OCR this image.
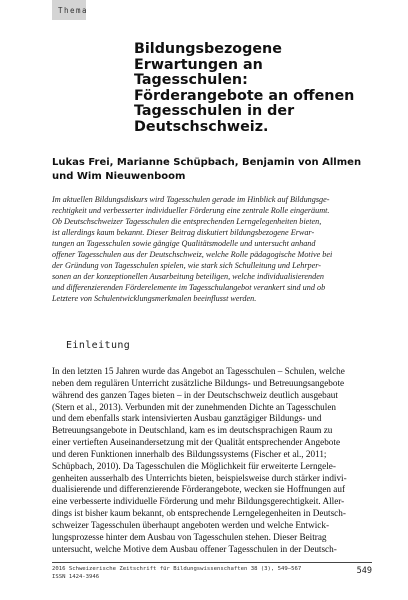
Thema
Bildungsbezogene
Erwartungen an
Tagesschulen:
Förderangebote an offenen
Tagesschulen in der
Deutschschweiz.
Lukas Frei, Marianne Schüpbach, Benjamin von Allmen
und Wim Nieuwenboom
Im aktuellen Bildungsdiskurs wird Tagesschulen gerade im Hinblick auf Bildungsge-
rechtigkeit und verbesserter individueller Förderung eine zentrale Rolle eingeräumt.
Ob Deutschschweizer Tagesschulen die entsprechenden Lerngelegenheiten bieten,
ist allerdings kaum bekannt. Dieser Beitrag diskutiert bildungsbezogene Erwar-
tungen an Tagesschulen sowie gängige Qualitätsmodelle und untersucht anhand
offener Tagesschulen aus der Deutschschweiz, welche Rolle pädagogische Motive bei
der Gründung von Tagesschulen spielen, wie stark sich Schulleitung und Lehrper-
sonen an der konzeptionellen Ausarbeitung beteiligen, welche individualisierenden
und differenzierenden Förderelemente im Tagesschulangebot verankert sind und ob
Letztere von Schulentwicklungsmerkmalen beeinflusst werden.
Einleitung
In den letzten 15 Jahren wurde das Angebot an Tagesschulen – Schulen, welche
neben dem regulären Unterricht zusätzliche Bildungs- und Betreuungsangebote
während des ganzen Tages bieten – in der Deutschschweiz deutlich ausgebaut
(Stern et al., 2013). Verbunden mit der zunehmenden Dichte an Tagesschulen
und dem ebenfalls stark intensivierten Ausbau ganztägiger Bildungs- und
Betreuungsangebote in Deutschland, kam es im deutschsprachigen Raum zu
einer vertieften Auseinandersetzung mit der Qualität entsprechender Angebote
und deren Funktionen innerhalb des Bildungssystems (Fischer et al., 2011;
Schüpbach, 2010). Da Tagesschulen die Möglichkeit für erweiterte Lerngele-
genheiten ausserhalb des Unterrichts bieten, beispielsweise durch stärker indivi-
dualisierende und differenzierende Förderangebote, wecken sie Hoffnungen auf
eine verbesserte individuelle Förderung und mehr Bildungsgerechtigkeit. Aller-
dings ist bisher kaum bekannt, ob entsprechende Lerngelegenheiten in Deutsch-
schweizer Tagesschulen überhaupt angeboten werden und welche Entwick-
lungsprozesse hinter dem Ausbau von Tagesschulen stehen. Dieser Beitrag
untersucht, welche Motive dem Ausbau offener Tagesschulen in der Deutsch-
2016 Schweizerische Zeitschrift für Bildungswissenschaften 38 (3), 549–567
ISSN 1424-3946
549
